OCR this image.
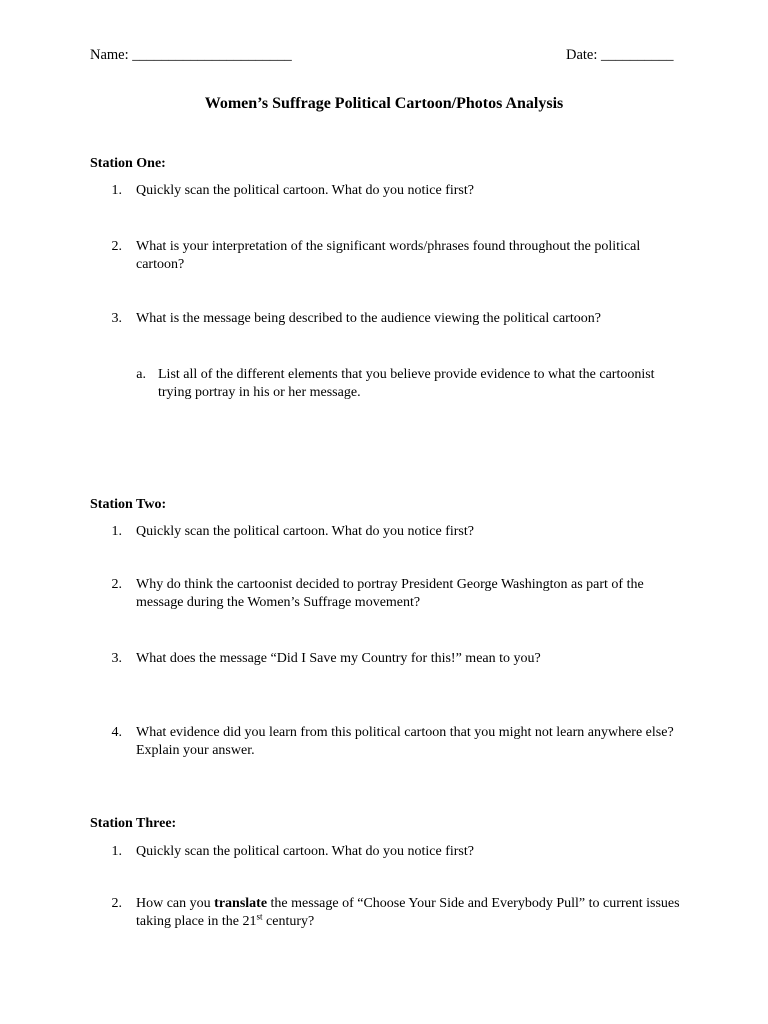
Name: ______________________	Date: __________
Women’s Suffrage Political Cartoon/Photos Analysis
Station One:
1. Quickly scan the political cartoon. What do you notice first?
2. What is your interpretation of the significant words/phrases found throughout the political
cartoon?
3. What is the message being described to the audience viewing the political cartoon?
a. List all of the different elements that you believe provide evidence to what the cartoonist
trying portray in his or her message.
Station Two:
1. Quickly scan the political cartoon. What do you notice first?
2. Why do think the cartoonist decided to portray President George Washington as part of the
message during the Women’s Suffrage movement?
3. What does the message “Did I Save my Country for this!” mean to you?
4. What evidence did you learn from this political cartoon that you might not learn anywhere else?
Explain your answer.
Station Three:
1. Quickly scan the political cartoon. What do you notice first?
2. How can you translate the message of “Choose Your Side and Everybody Pull” to current issues
taking place in the 21st century?
